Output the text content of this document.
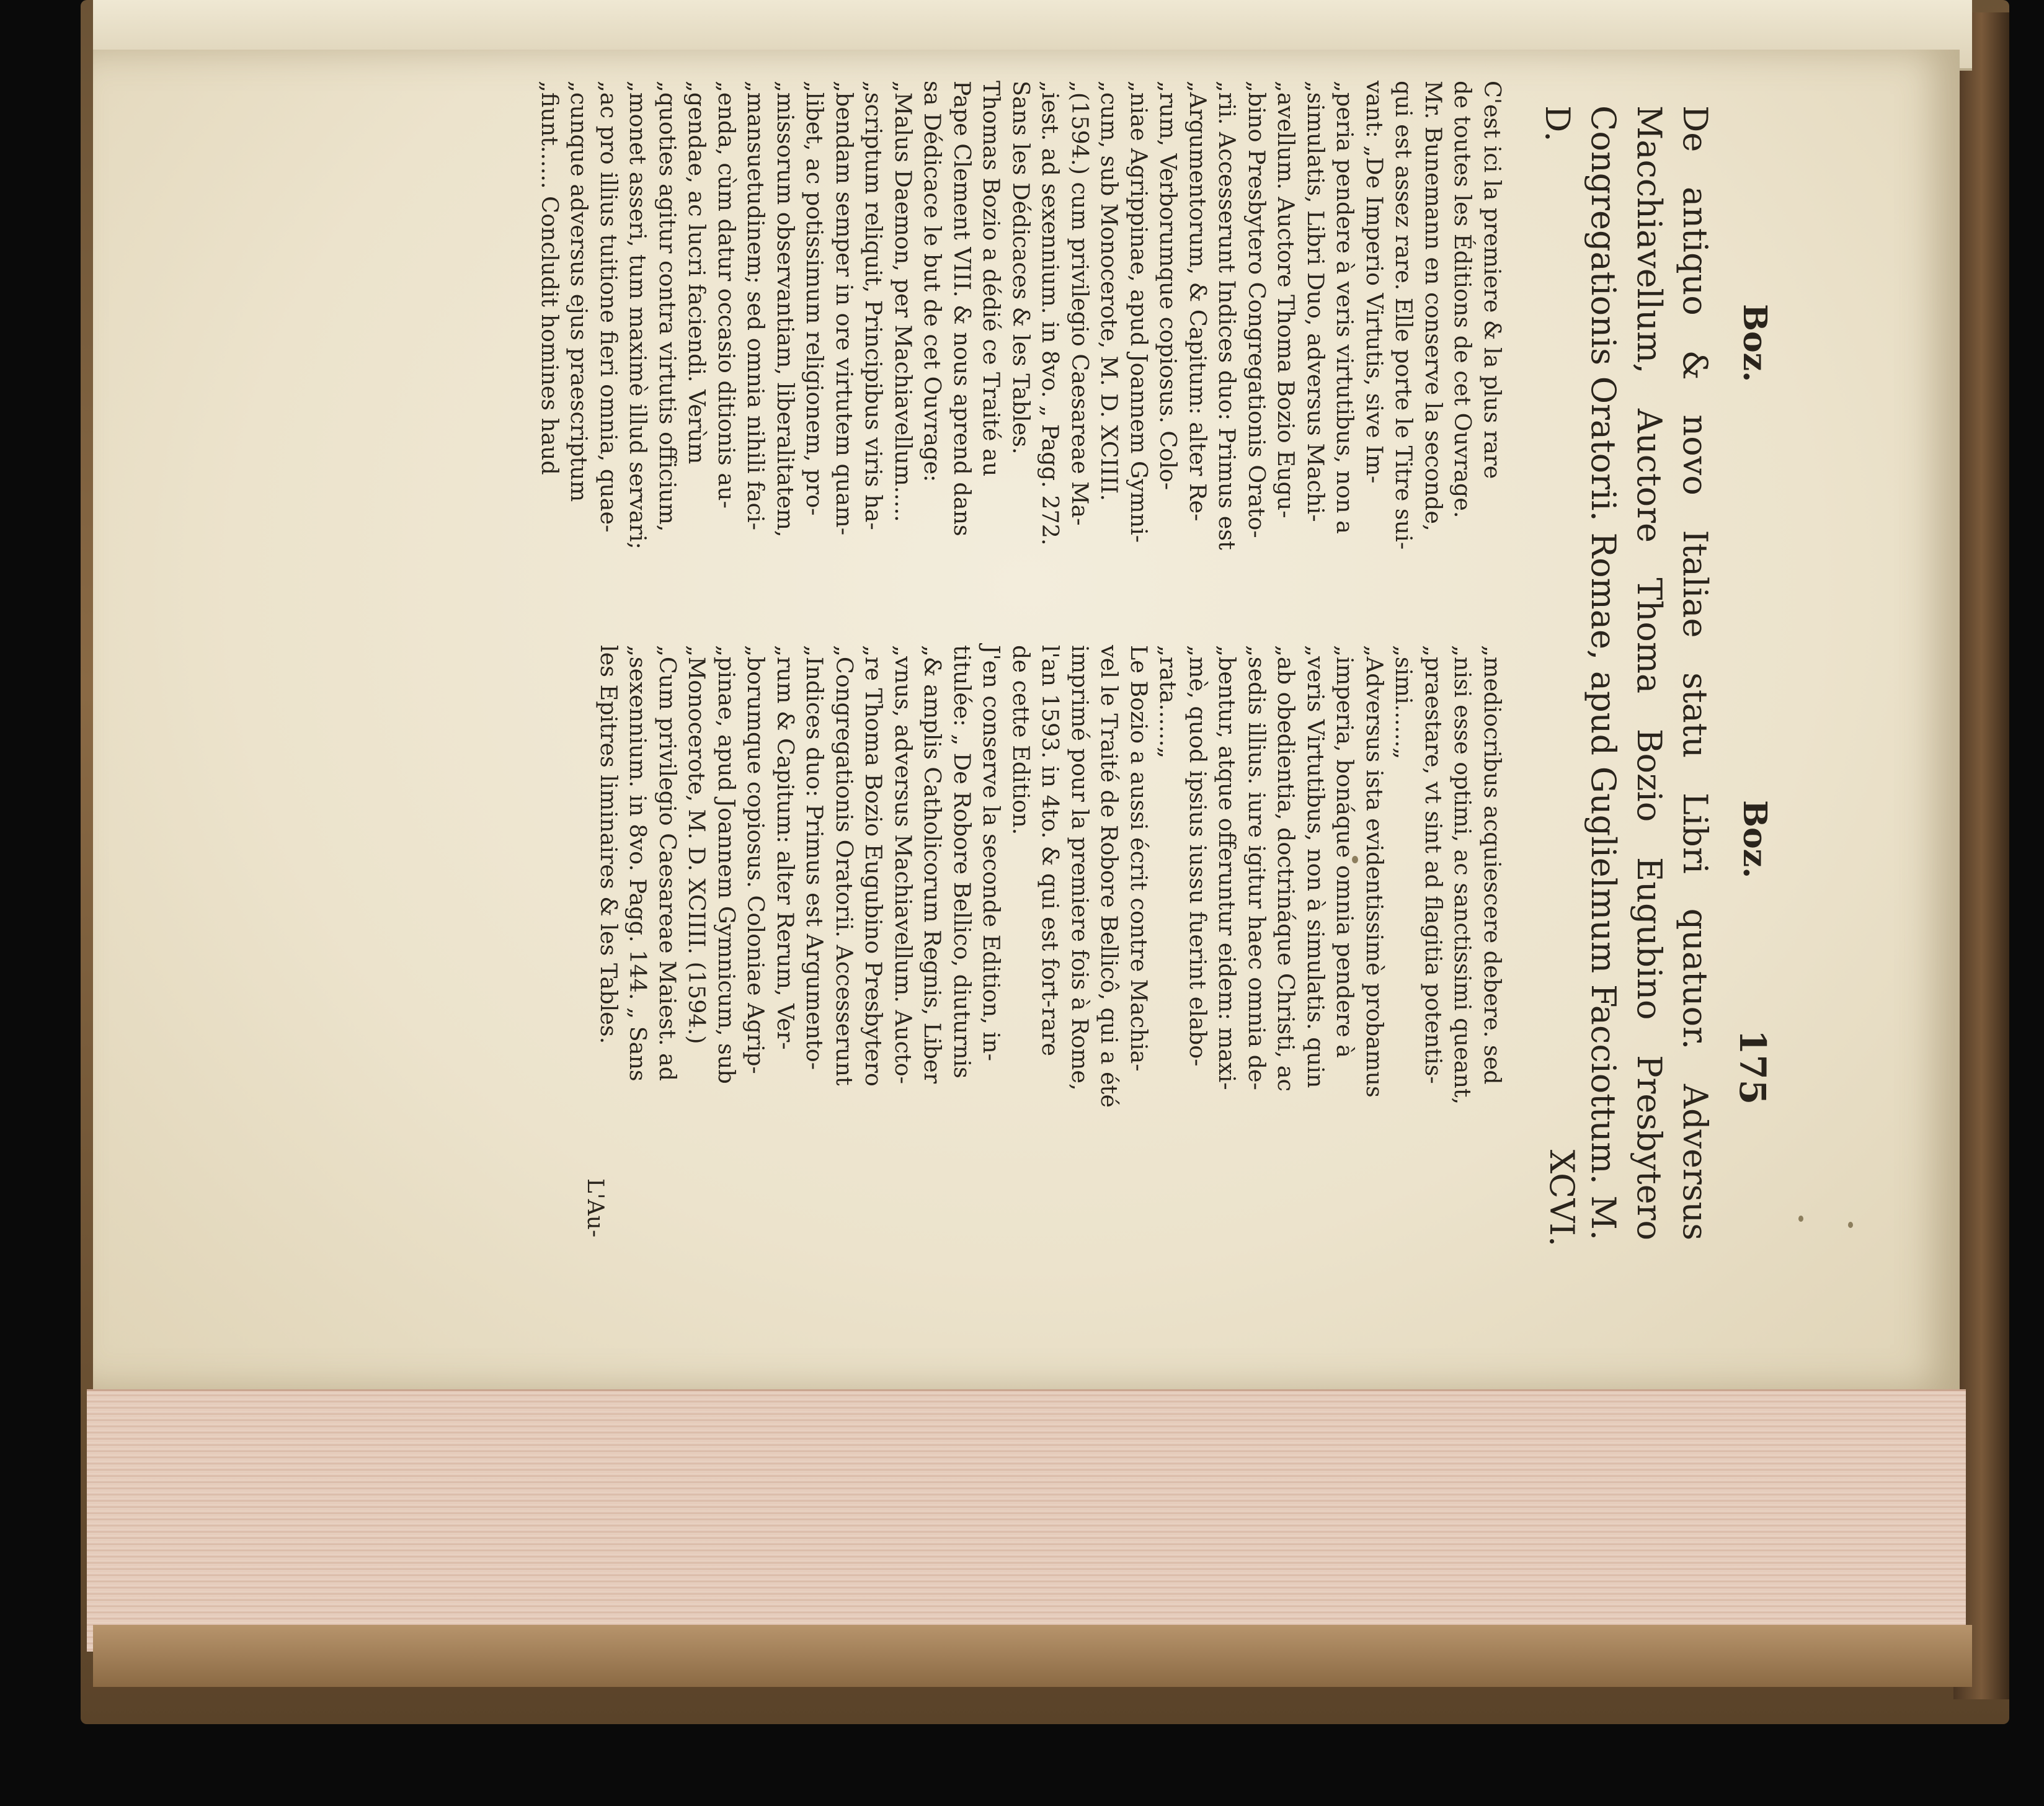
Boz.
Boz.
175
De antiquo & novo Italiae statu Libri quatuor. Adversus Macchiavellum, Auctore Thoma Bozio Eugubino Presbytero Congregationis Oratorii. Romae, apud Guglielmum Facciottum. M. D.
XCVI.

C'est ici la premiere & la plus rare

de toutes les Éditions de cet Ouvrage.

Mr. Bunemann en conserve la seconde,

qui est assez rare. Elle porte le Titre sui-

vant: „De Imperio Virtutis, sive Im-

„peria pendere à veris virtutibus, non a

„simulatis, Libri Duo, adversus Machi-

„avellum. Auctore Thoma Bozio Eugu-

„bino Presbytero Congregationis Orato-

„rii. Accesserunt Indices duo: Primus est

„Argumentorum, & Capitum: alter Re-

„rum, Verborumque copiosus. Colo-

„niae Agrippinae, apud Joannem Gymni-

„cum, sub Monocerote, M. D. XCIIII.

„(1594.) cum privilegio Caesareae Ma-

„iest. ad sexennium. in 8vo. „ Pagg. 272.

Sans les Dédicaces & les Tables.

Thomas Bozio a dédié ce Traité au

Pape Clement VIII. & nous aprend dans

sa Dédicace le but de cet Ouvrage:

„Malus Daemon, per Machiavellum.....

„scriptum reliquit, Principibus viris ha-

„bendam semper in ore virtutem quam-

„libet, ac potissimum religionem, pro-

„missorum observantiam, liberalitatem,

„mansuetudinem; sed omnia nihili faci-

„enda, cùm datur occasio ditionis au-

„gendae, ac lucri faciendi. Verùm

„quoties agitur contra virtutis officium,

„monet asseri, tum maximè illud servari;

„ac pro illius tuitione fieri omnia, quae-

„cunque adversus ejus praescriptum

„fiunt...... Concludit homines haud

„mediocribus acquiescere debere. sed

„nisi esse optimi, ac sanctissimi queant,

„praestare, vt sint ad flagitia potentis-

„simi......„

„Adversus ista evidentissimè probamus

„imperia, bonáque omnia pendere à

„veris Virtutibus, non à simulatis. quin

„ab obedientia, doctrináque Christi, ac

„sedis illius. iure igitur haec omnia de-

„bentur, atque offeruntur eidem: maxi-

„mè, quod ipsius iussu fuerint elabo-

„rata......„

Le Bozio a aussi écrit contre Machia-

vel le Traité de Robore Bellicô, qui a été

imprimé pour la premiere fois à Rome,

l'an 1593. in 4to. & qui est fort-rare

de cette Edition.

J'en conserve la seconde Edition, in-

titulée: „ De Robore Bellico, diuturnis

„& amplis Catholicorum Regnis, Liber

„vnus, adversus Machiavellum. Aucto-

„re Thoma Bozio Eugubino Presbytero

„Congregationis Oratorii. Accesserunt

„Indices duo: Primus est Argumento-

„rum & Capitum: alter Rerum, Ver-

„borumque copiosus. Coloniae Agrip-

„pinae, apud Joannem Gymnicum, sub

„Monocerote, M. D. XCIIII. (1594.)

„Cum privilegio Caesareae Maiest. ad

„sexennium. in 8vo. Pagg. 144. „ Sans

les Epitres liminaires & les Tables.

L'Au-
